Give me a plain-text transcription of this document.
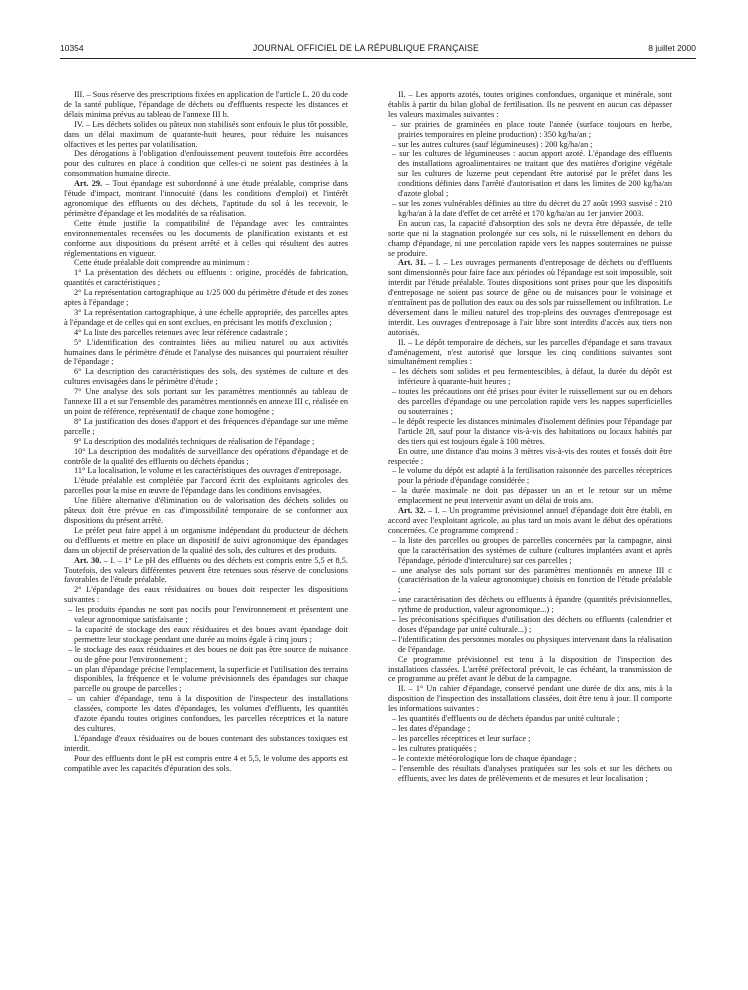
10354	JOURNAL OFFICIEL DE LA RÉPUBLIQUE FRANÇAISE	8 juillet 2000

III. – Sous réserve des prescriptions fixées en application de l'article L. 20 du code de la santé publique, l'épandage de déchets ou d'effluents respecte les distances et délais minima prévus au tableau de l'annexe III b.

IV. – Les déchets solides ou pâteux non stabilisés sont enfouis le plus tôt possible, dans un délai maximum de quarante-huit heures, pour réduire les nuisances olfactives et les pertes par volatilisation.

Des dérogations à l'obligation d'enfouissement peuvent toutefois être accordées pour des cultures en place à condition que celles-ci ne soient pas destinées à la consommation humaine directe.

Art. 29. – Tout épandage est subordonné à une étude préalable, comprise dans l'étude d'impact, montrant l'innocuité (dans les conditions d'emploi) et l'intérêt agronomique des effluents ou des déchets, l'aptitude du sol à les recevoir, le périmètre d'épandage et les modalités de sa réalisation.

Cette étude justifie la compatibilité de l'épandage avec les contraintes environnementales recensées ou les documents de planification existants et est conforme aux dispositions du présent arrêté et à celles qui résultent des autres réglementations en vigueur.

Cette étude préalable doit comprendre au minimum :

1° La présentation des déchets ou effluents : origine, procédés de fabrication, quantités et caractéristiques ;

2° La représentation cartographique au 1/25 000 du périmètre d'étude et des zones aptes à l'épandage ;

3° La représentation cartographique, à une échelle appropriée, des parcelles aptes à l'épandage et de celles qui en sont exclues, en précisant les motifs d'exclusion ;

4° La liste des parcelles retenues avec leur référence cadastrale ;

5° L'identification des contraintes liées au milieu naturel ou aux activités humaines dans le périmètre d'étude et l'analyse des nuisances qui pourraient résulter de l'épandage ;

6° La description des caractéristiques des sols, des systèmes de culture et des cultures envisagées dans le périmètre d'étude ;

7° Une analyse des sols portant sur les paramètres mentionnés au tableau de l'annexe III a et sur l'ensemble des paramètres mentionnés en annexe III c, réalisée en un point de référence, représentatif de chaque zone homogène ;

8° La justification des doses d'apport et des fréquences d'épandage sur une même parcelle ;

9° La description des modalités techniques de réalisation de l'épandage ;

10° La description des modalités de surveillance des opérations d'épandage et de contrôle de la qualité des effluents ou déchets épandus ;

11° La localisation, le volume et les caractéristiques des ouvrages d'entreposage.

L'étude préalable est complétée par l'accord écrit des exploitants agricoles des parcelles pour la mise en œuvre de l'épandage dans les conditions envisagées.

Une filière alternative d'élimination ou de valorisation des déchets solides ou pâteux doit être prévue en cas d'impossibilité temporaire de se conformer aux dispositions du présent arrêté.

Le préfet peut faire appel à un organisme indépendant du producteur de déchets ou d'effluents et mettre en place un dispositif de suivi agronomique des épandages dans un objectif de préservation de la qualité des sols, des cultures et des produits.

Art. 30. – I. – 1° Le pH des effluents ou des déchets est compris entre 5,5 et 8,5. Toutefois, des valeurs différentes peuvent être retenues sous réserve de conclusions favorables de l'étude préalable.

2° L'épandage des eaux résiduaires ou boues doit respecter les dispositions suivantes :

– les produits épandus ne sont pas nocifs pour l'environnement et présentent une valeur agronomique satisfaisante ;

– la capacité de stockage des eaux résiduaires et des boues avant épandage doit permettre leur stockage pendant une durée au moins égale à cinq jours ;

– le stockage des eaux résiduaires et des boues ne doit pas être source de nuisance ou de gêne pour l'environnement ;

– un plan d'épandage précise l'emplacement, la superficie et l'utilisation des terrains disponibles, la fréquence et le volume prévisionnels des épandages sur chaque parcelle ou groupe de parcelles ;

– un cahier d'épandage, tenu à la disposition de l'inspecteur des installations classées, comporte les dates d'épandages, les volumes d'effluents, les quantités d'azote épandu toutes origines confondues, les parcelles réceptrices et la nature des cultures.

L'épandage d'eaux résiduaires ou de boues contenant des substances toxiques est interdit.

Pour des effluents dont le pH est compris entre 4 et 5,5, le volume des apports est compatible avec les capacités d'épuration des sols.

II. – Les apports azotés, toutes origines confondues, organique et minérale, sont établis à partir du bilan global de fertilisation. Ils ne peuvent en aucun cas dépasser les valeurs maximales suivantes :

– sur prairies de graminées en place toute l'année (surface toujours en herbe, prairies temporaires en pleine production) : 350 kg/ha/an ;

– sur les autres cultures (sauf légumineuses) : 200 kg/ha/an ;

– sur les cultures de légumineuses : aucun apport azoté. L'épandage des effluents des installations agroalimentaires ne traitant que des matières d'origine végétale sur les cultures de luzerne peut cependant être autorisé par le préfet dans les conditions définies dans l'arrêté d'autorisation et dans les limites de 200 kg/ha/an d'azote global ;

– sur les zones vulnérables définies au titre du décret du 27 août 1993 susvisé : 210 kg/ha/an à la date d'effet de cet arrêté et 170 kg/ha/an au 1er janvier 2003.

En aucun cas, la capacité d'absorption des sols ne devra être dépassée, de telle sorte que ni la stagnation prolongée sur ces sols, ni le ruissellement en dehors du champ d'épandage, ni une percolation rapide vers les nappes souterraines ne puisse se produire.

Art. 31. – I. – Les ouvrages permanents d'entreposage de déchets ou d'effluents sont dimensionnés pour faire face aux périodes où l'épandage est soit impossible, soit interdit par l'étude préalable. Toutes dispositions sont prises pour que les dispositifs d'entreposage ne soient pas source de gêne ou de nuisances pour le voisinage et n'entraînent pas de pollution des eaux ou des sols par ruissellement ou infiltration. Le déversement dans le milieu naturel des trop-pleins des ouvrages d'entreposage est interdit. Les ouvrages d'entreposage à l'air libre sont interdits d'accès aux tiers non autorisés.

II. – Le dépôt temporaire de déchets, sur les parcelles d'épandage et sans travaux d'aménagement, n'est autorisé que lorsque les cinq conditions suivantes sont simultanément remplies :

– les déchets sont solides et peu fermentescibles, à défaut, la durée du dépôt est inférieure à quarante-huit heures ;

– toutes les précautions ont été prises pour éviter le ruissellement sur ou en dehors des parcelles d'épandage ou une percolation rapide vers les nappes superficielles ou souterraines ;

– le dépôt respecte les distances minimales d'isolement définies pour l'épandage par l'article 28, sauf pour la distance vis-à-vis des habitations ou locaux habités par des tiers qui est toujours égale à 100 mètres.

En outre, une distance d'au moins 3 mètres vis-à-vis des routes et fossés doit être respectée :

– le volume du dépôt est adapté à la fertilisation raisonnée des parcelles réceptrices pour la période d'épandage considérée ;

– la durée maximale ne doit pas dépasser un an et le retour sur un même emplacement ne peut intervenir avant un délai de trois ans.

Art. 32. – I. – Un programme prévisionnel annuel d'épandage doit être établi, en accord avec l'exploitant agricole, au plus tard un mois avant le début des opérations concernées. Ce programme comprend :

– la liste des parcelles ou groupes de parcelles concernées par la campagne, ainsi que la caractérisation des systèmes de culture (cultures implantées avant et après l'épandage, période d'interculture) sur ces parcelles ;

– une analyse des sols portant sur des paramètres mentionnés en annexe III c (caractérisation de la valeur agronomique) choisis en fonction de l'étude préalable ;

– une caractérisation des déchets ou effluents à épandre (quantités prévisionnelles, rythme de production, valeur agronomique...) ;

– les préconisations spécifiques d'utilisation des déchets ou effluents (calendrier et doses d'épandage par unité culturale...) ;

– l'identification des personnes morales ou physiques intervenant dans la réalisation de l'épandage.

Ce programme prévisionnel est tenu à la disposition de l'inspection des installations classées. L'arrêté préfectoral prévoit, le cas échéant, la transmission de ce programme au préfet avant le début de la campagne.

II. – 1° Un cahier d'épandage, conservé pendant une durée de dix ans, mis à la disposition de l'inspection des installations classées, doit être tenu à jour. Il comporte les informations suivantes :

– les quantités d'effluents ou de déchets épandus par unité culturale ;

– les dates d'épandage ;

– les parcelles réceptrices et leur surface ;

– les cultures pratiquées ;

– le contexte météorologique lors de chaque épandage ;

– l'ensemble des résultats d'analyses pratiquées sur les sols et sur les déchets ou effluents, avec les dates de prélèvements et de mesures et leur localisation ;
